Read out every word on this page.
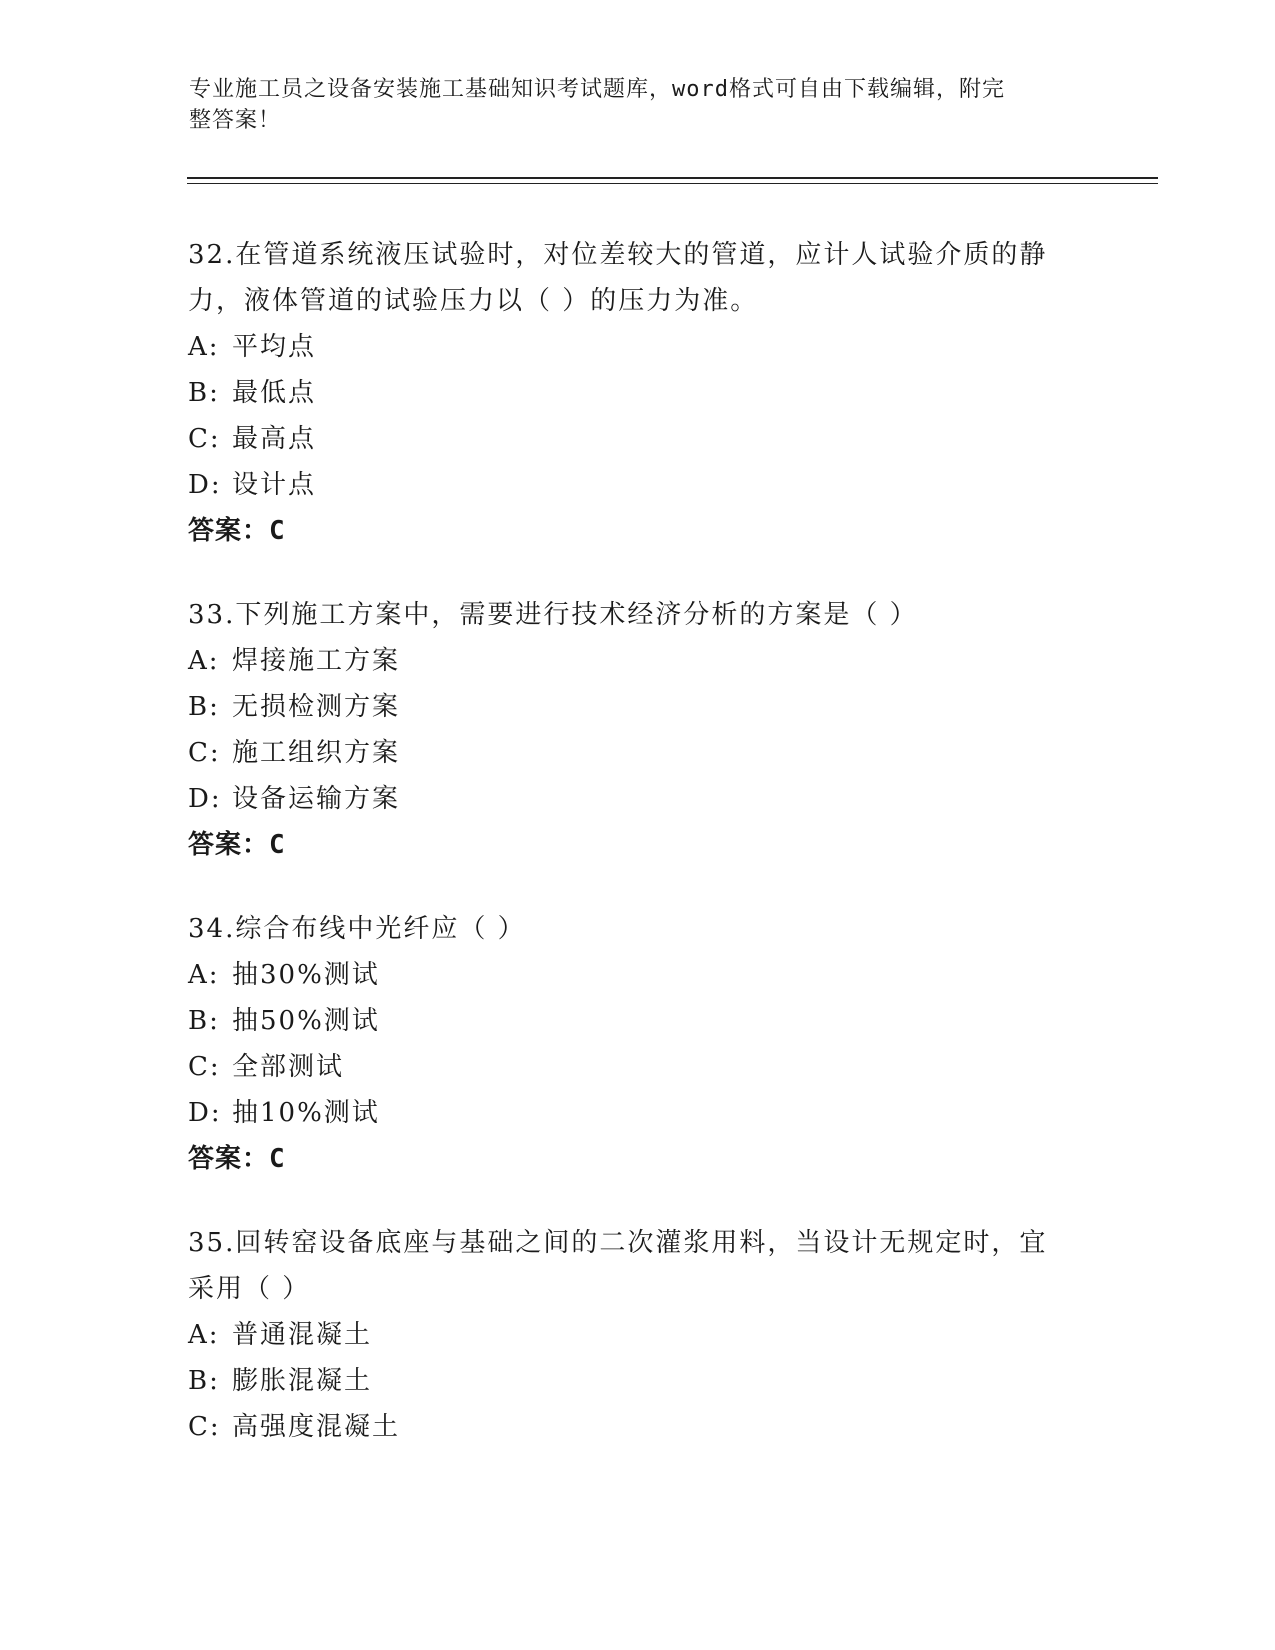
专业施工员之设备安装施工基础知识考试题库，word格式可自由下载编辑，附完
整答案！

32.在管道系统液压试验时，对位差较大的管道，应计人试验介质的静

力，液体管道的试验压力以（ ）的压力为准。

A: 平均点

B: 最低点

C: 最高点

D: 设计点

答案：C

33.下列施工方案中，需要进行技术经济分析的方案是（ ）

A: 焊接施工方案

B: 无损检测方案

C: 施工组织方案

D: 设备运输方案

答案：C

34.综合布线中光纤应（ ）

A: 抽30%测试

B: 抽50%测试

C: 全部测试

D: 抽10%测试

答案：C

35.回转窑设备底座与基础之间的二次灌浆用料，当设计无规定时，宜

采用（ ）

A: 普通混凝土

B: 膨胀混凝土

C: 高强度混凝土
